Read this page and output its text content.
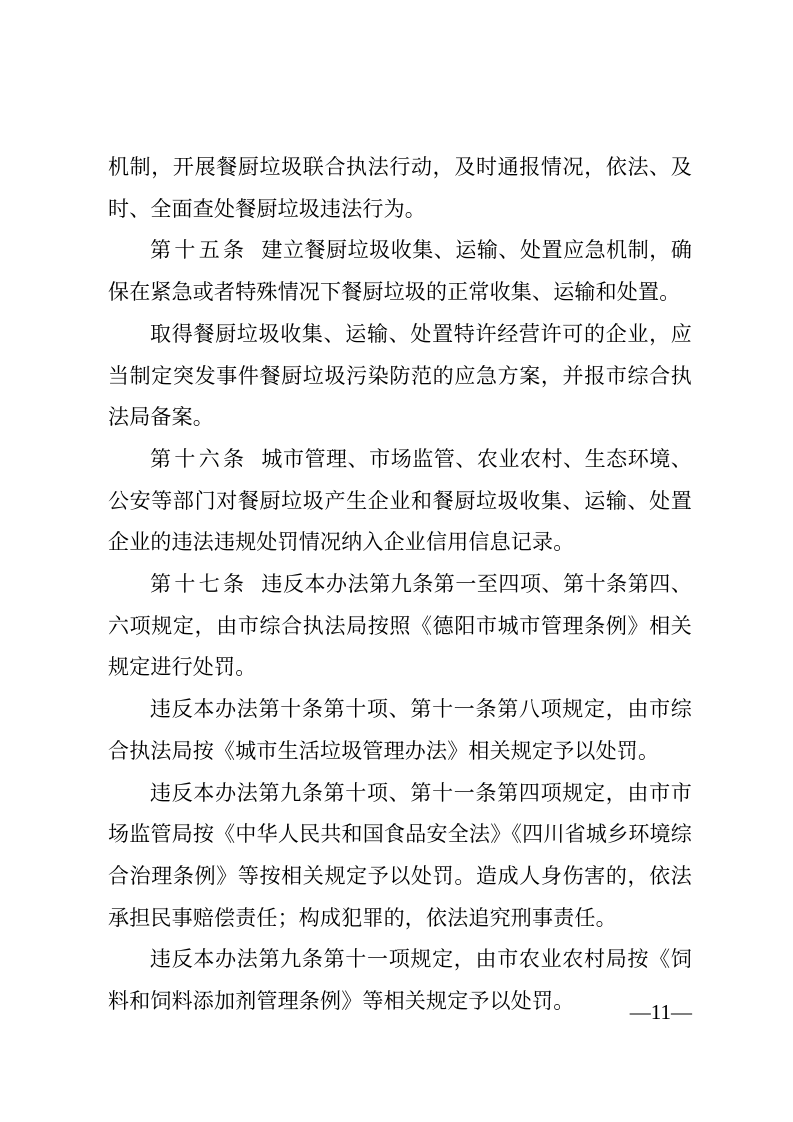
机制，开展餐厨垃圾联合执法行动，及时通报情况，依法、及时、全面查处餐厨垃圾违法行为。

第十五条 建立餐厨垃圾收集、运输、处置应急机制，确保在紧急或者特殊情况下餐厨垃圾的正常收集、运输和处置。

取得餐厨垃圾收集、运输、处置特许经营许可的企业，应当制定突发事件餐厨垃圾污染防范的应急方案，并报市综合执法局备案。

第十六条 城市管理、市场监管、农业农村、生态环境、公安等部门对餐厨垃圾产生企业和餐厨垃圾收集、运输、处置企业的违法违规处罚情况纳入企业信用信息记录。

第十七条 违反本办法第九条第一至四项、第十条第四、六项规定，由市综合执法局按照《德阳市城市管理条例》相关规定进行处罚。

违反本办法第十条第十项、第十一条第八项规定，由市综合执法局按《城市生活垃圾管理办法》相关规定予以处罚。

违反本办法第九条第十项、第十一条第四项规定，由市市场监管局按《中华人民共和国食品安全法》《四川省城乡环境综合治理条例》等按相关规定予以处罚。造成人身伤害的，依法承担民事赔偿责任；构成犯罪的，依法追究刑事责任。

违反本办法第九条第十一项规定，由市农业农村局按《饲料和饲料添加剂管理条例》等相关规定予以处罚。	—11—
